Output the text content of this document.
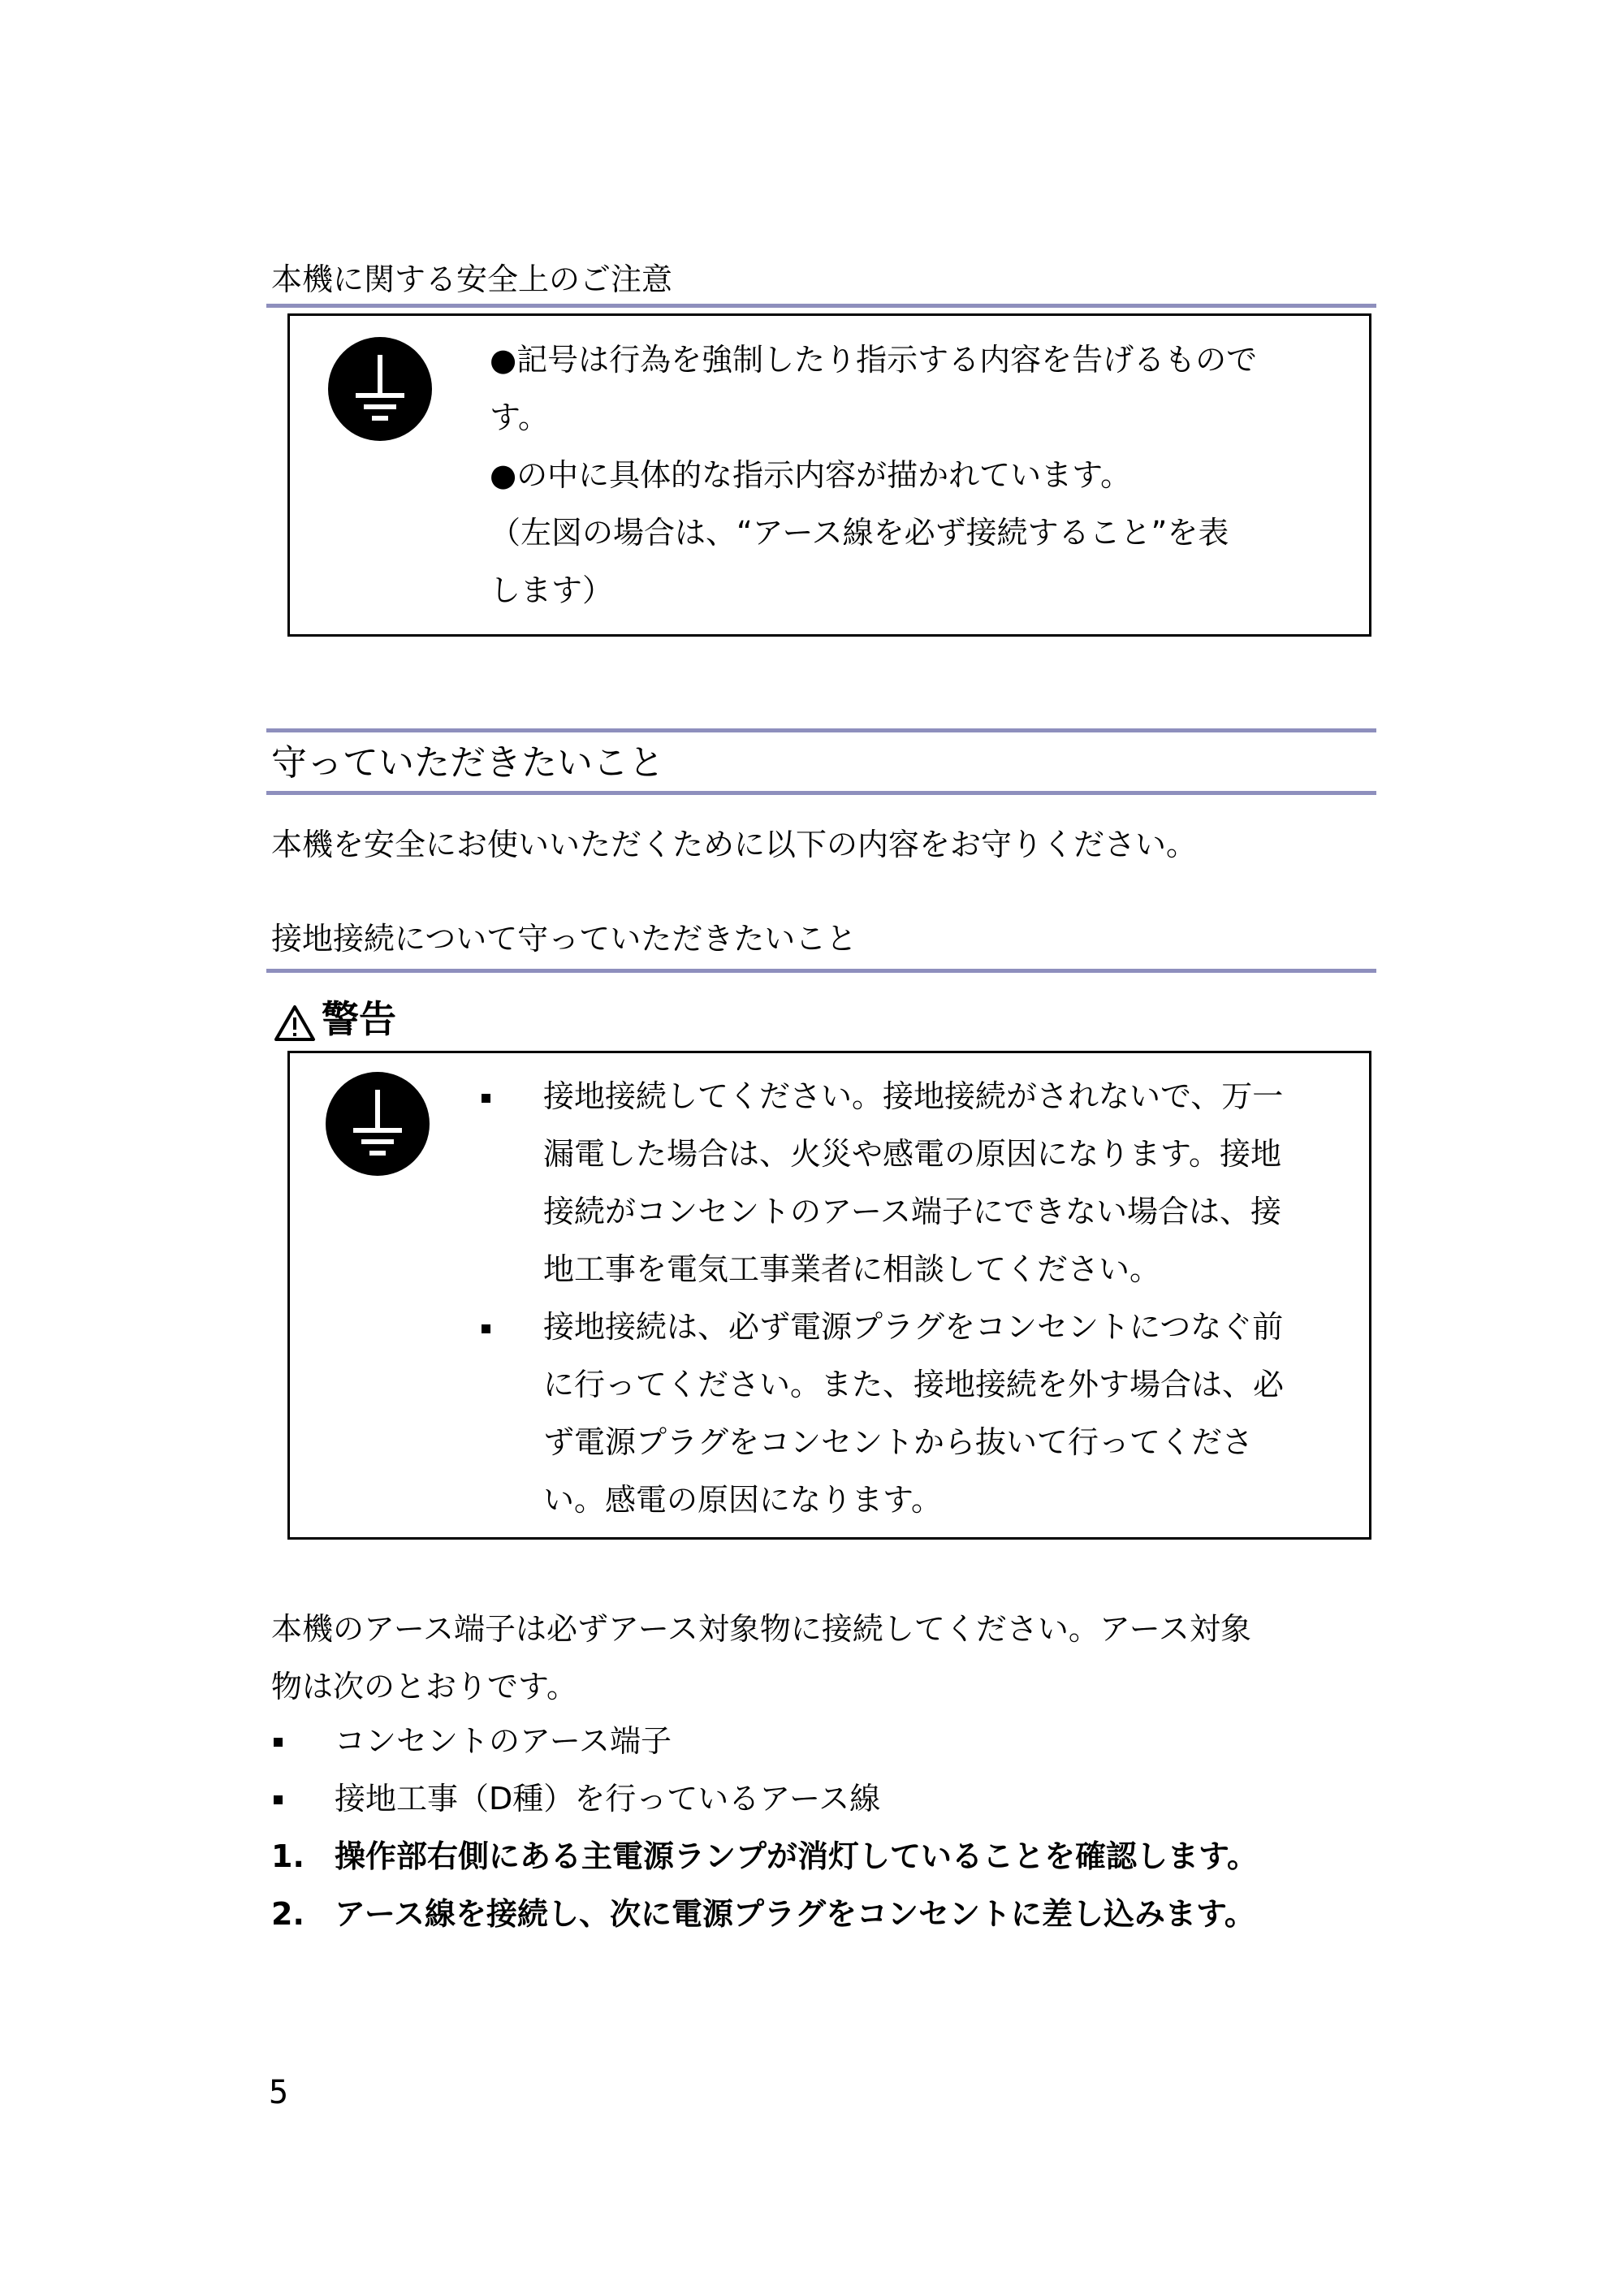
本機に関する安全上のご注意
●記号は行為を強制したり指示する内容を告げるもので
す。
●の中に具体的な指示内容が描かれています。
（左図の場合は、“アース線を必ず接続すること”を表
します）
守っていただきたいこと
本機を安全にお使いいただくために以下の内容をお守りください。
接地接続について守っていただきたいこと
警告
接地接続してください。接地接続がされないで、万一
漏電した場合は、火災や感電の原因になります。接地
接続がコンセントのアース端子にできない場合は、接
地工事を電気工事業者に相談してください。
接地接続は、必ず電源プラグをコンセントにつなぐ前
に行ってください。また、接地接続を外す場合は、必
ず電源プラグをコンセントから抜いて行ってくださ
い。感電の原因になります。
本機のアース端子は必ずアース対象物に接続してください。アース対象
物は次のとおりです。
コンセントのアース端子
接地工事（D種）を行っているアース線
1. 操作部右側にある主電源ランプが消灯していることを確認します。
2. アース線を接続し、次に電源プラグをコンセントに差し込みます。
5
